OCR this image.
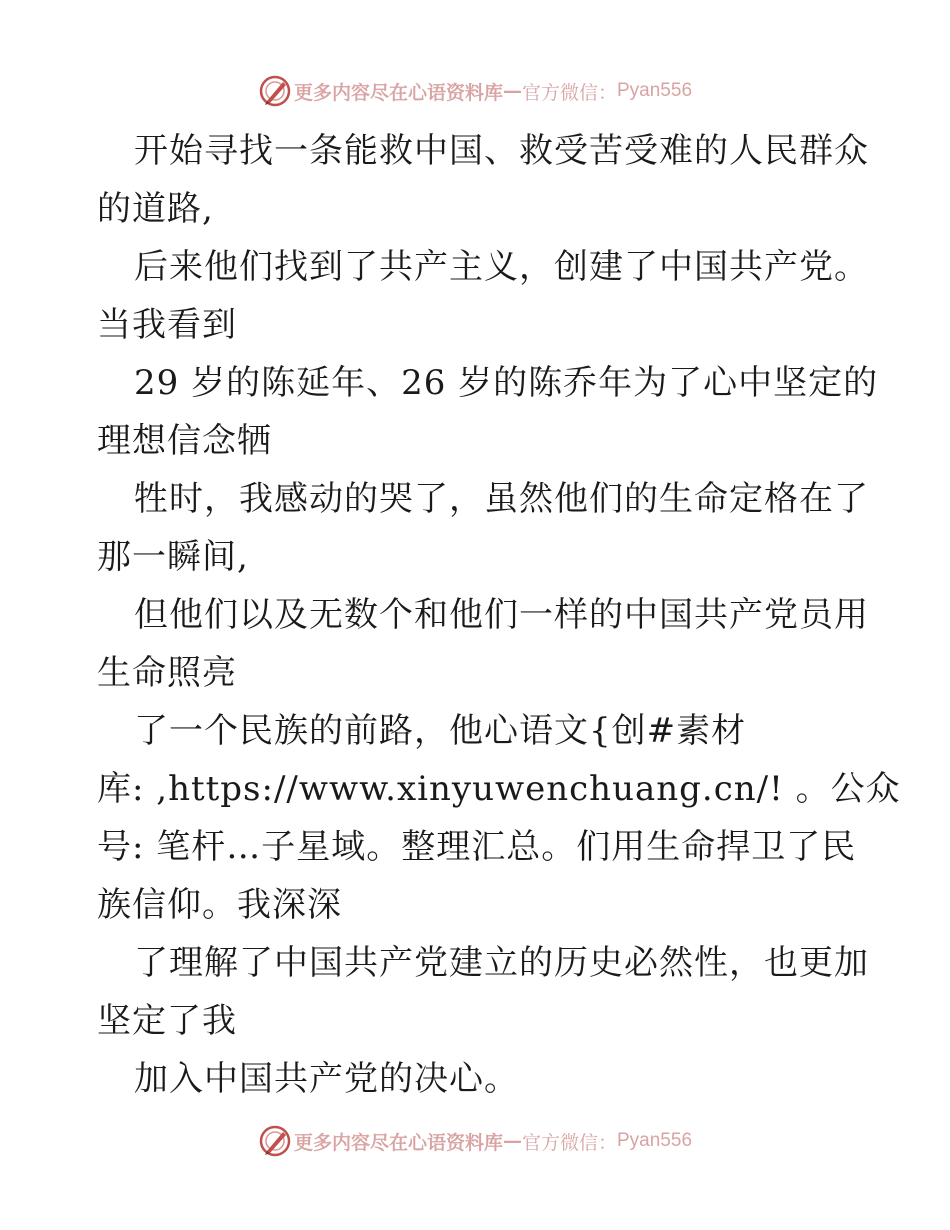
更多内容尽在心语资料库 — 官方微信： Pyan556
开始寻找一条能救中国、救受苦受难的人民群众
的道路,
后来他们找到了共产主义，创建了中国共产党。
当我看到
29 岁的陈延年、26 岁的陈乔年为了心中坚定的
理想信念牺
牲时，我感动的哭了，虽然他们的生命定格在了
那一瞬间,
但他们以及无数个和他们一样的中国共产党员用
生命照亮
了一个民族的前路，他心语文{创#素材
库: ,https://www.xinyuwenchuang.cn/! 。公众
号: 笔杆…子星域。整理汇总。们用生命捍卫了民
族信仰。我深深
了理解了中国共产党建立的历史必然性，也更加
坚定了我
加入中国共产党的决心。
更多内容尽在心语资料库 — 官方微信： Pyan556
